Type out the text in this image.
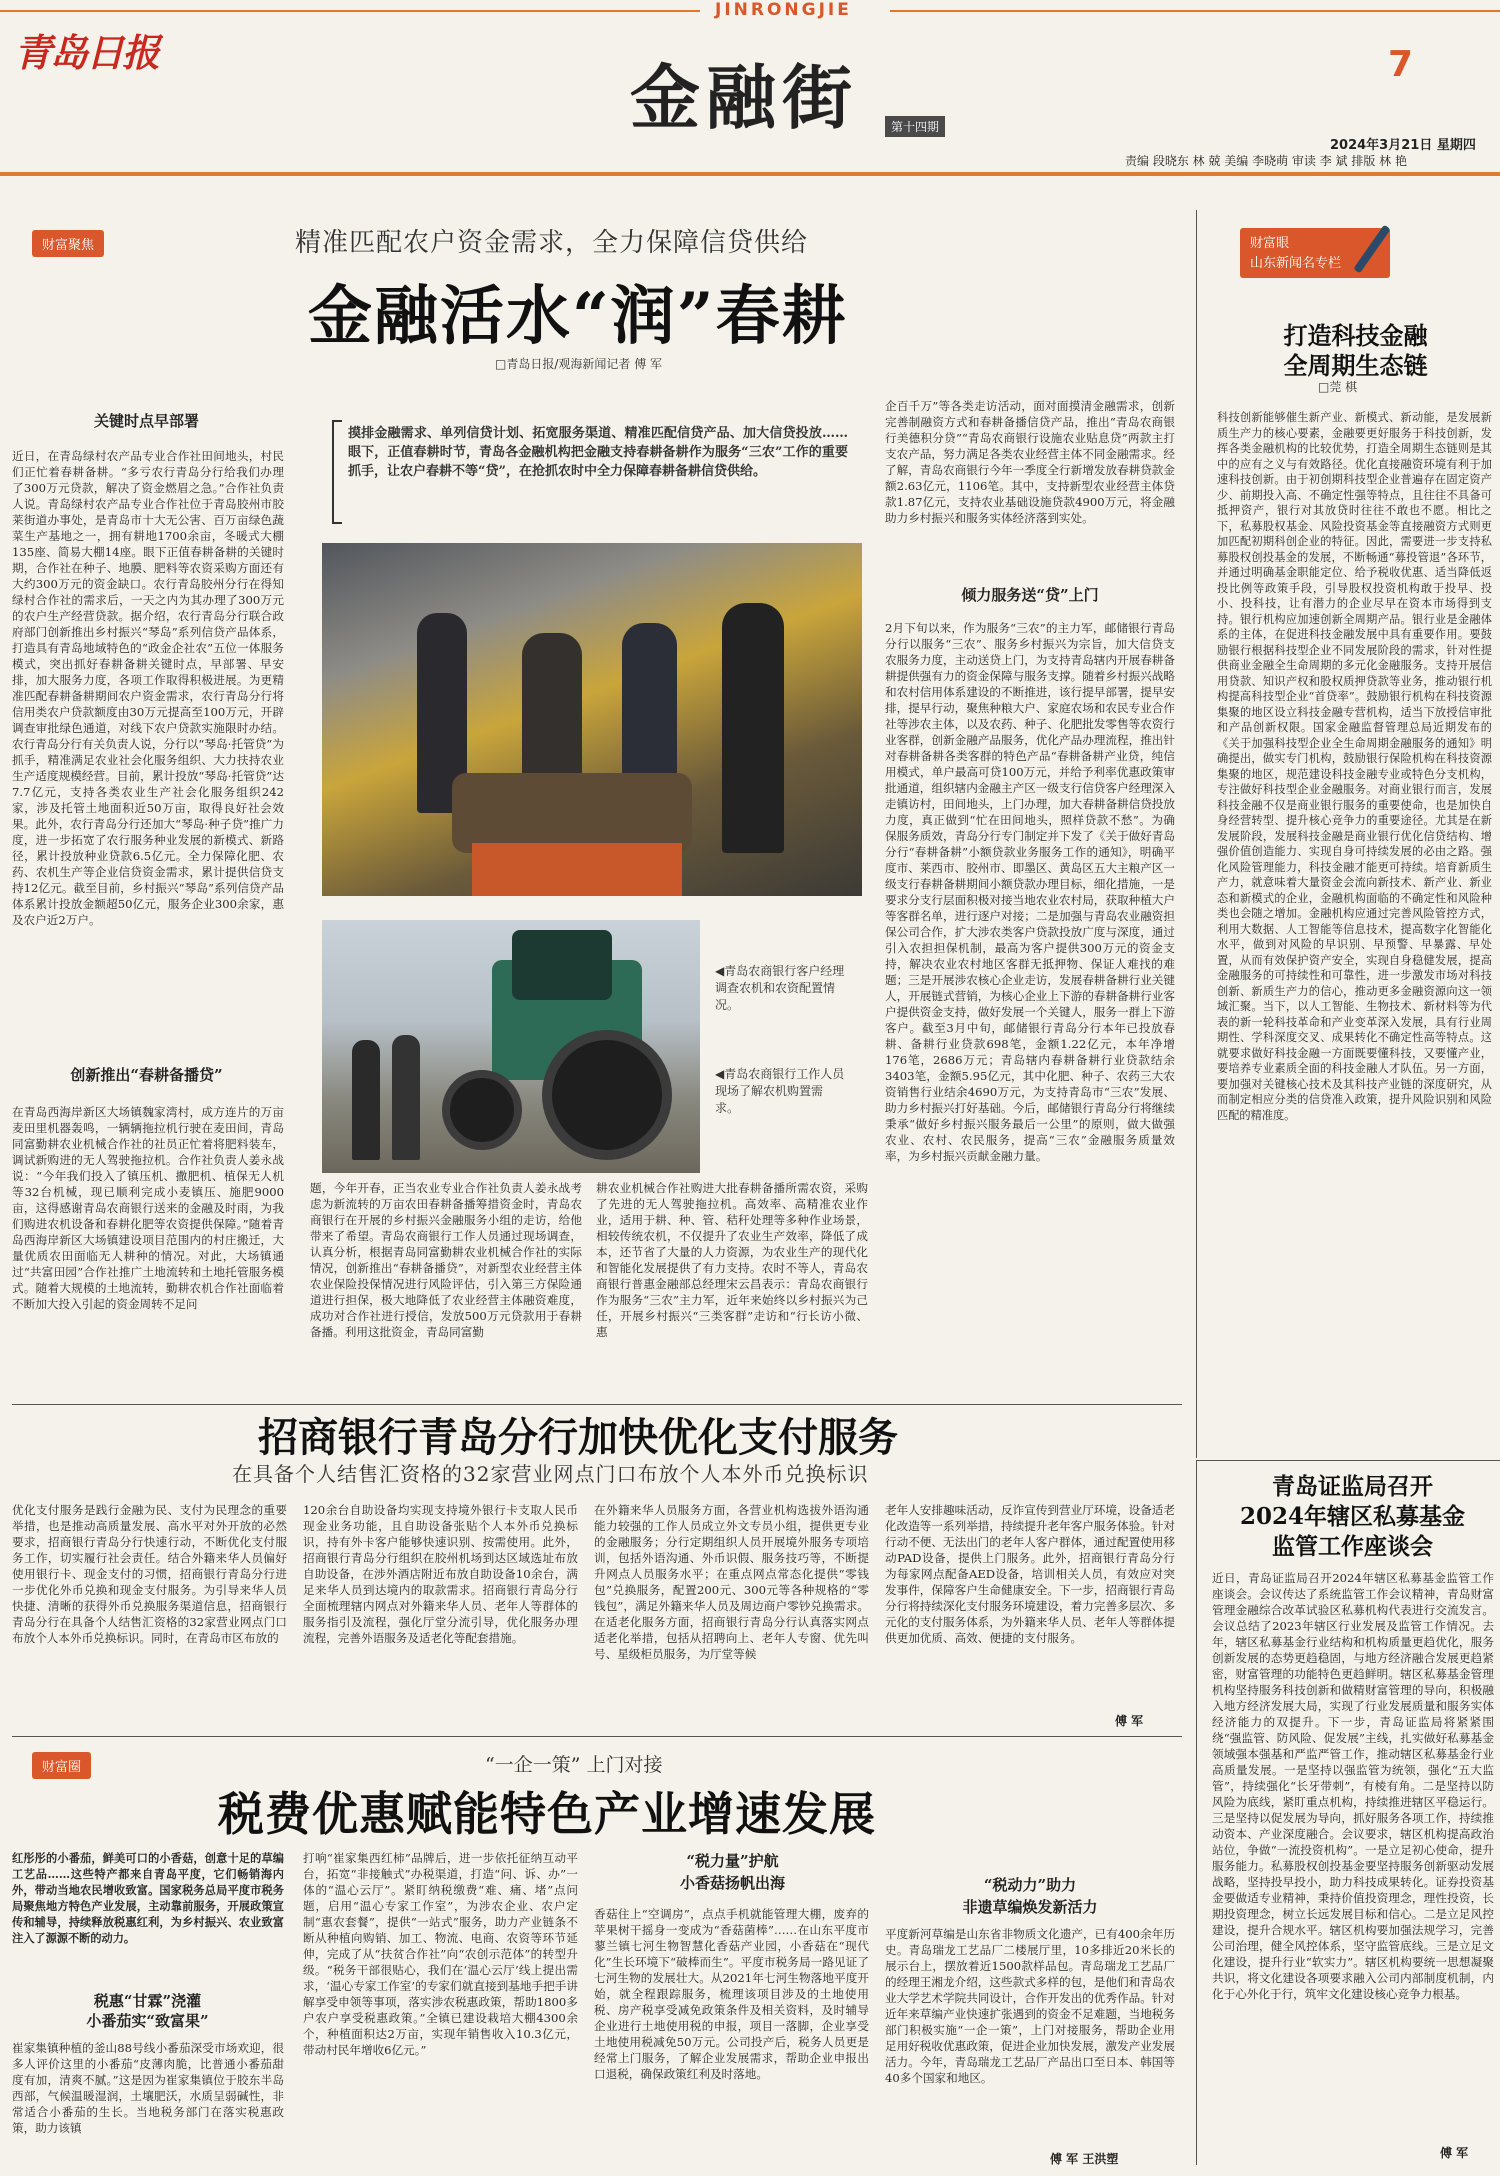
青岛日报
JINRONGJIE
金融街	第十四期
7
2024年3月21日 星期四
责编 段晓东 林 兢 美编 李晓萌 审读 李 斌 排版 林 艳
财富聚焦	精准匹配农户资金需求，全力保障信贷供给
金融活水“润”春耕
□青岛日报/观海新闻记者 傅 军
关键时点早部署
近日，在青岛绿村农产品专业合作社田间地头，村民们正忙着春耕备耕。“多亏农行青岛分行给我们办理了300万元贷款，解决了资金燃眉之急。”合作社负责人说。青岛绿村农产品专业合作社位于青岛胶州市胶莱街道办事处，是青岛市十大无公害、百万亩绿色蔬菜生产基地之一，拥有耕地1700余亩，冬暖式大棚135座、简易大棚14座。眼下正值春耕备耕的关键时期，合作社在种子、地膜、肥料等农资采购方面还有大约300万元的资金缺口。农行青岛胶州分行在得知绿村合作社的需求后，一天之内为其办理了300万元的农户生产经营贷款。据介绍，农行青岛分行联合政府部门创新推出乡村振兴“琴岛”系列信贷产品体系，打造具有青岛地域特色的“政金企社农”五位一体服务模式，突出抓好春耕备耕关键时点，早部署、早安排，加大服务力度，各项工作取得积极进展。为更精准匹配春耕备耕期间农户资金需求，农行青岛分行将信用类农户贷款额度由30万元提高至100万元，开辟调查审批绿色通道，对线下农户贷款实施限时办结。农行青岛分行有关负责人说，分行以“琴岛·托管贷”为抓手，精准满足农业社会化服务组织、大力扶持农业生产适度规模经营。目前，累计投放“琴岛·托管贷”达7.7亿元，支持各类农业生产社会化服务组织242家，涉及托管土地面积近50万亩，取得良好社会效果。此外，农行青岛分行还加大“琴岛·种子贷”推广力度，进一步拓宽了农行服务种业发展的新模式、新路径，累计投放种业贷款6.5亿元。全力保障化肥、农药、农机生产等企业信贷资金需求，累计提供信贷支持12亿元。截至目前，乡村振兴“琴岛”系列信贷产品体系累计投放金额超50亿元，服务企业300余家，惠及农户近2万户。
创新推出“春耕备播贷”
在青岛西海岸新区大场镇魏家湾村，成方连片的万亩麦田里机器轰鸣，一辆辆拖拉机行驶在麦田间，青岛同富勤耕农业机械合作社的社员正忙着将肥料装车，调试新购进的无人驾驶拖拉机。合作社负责人姜永战说：“今年我们投入了镇压机、撒肥机、植保无人机等32台机械，现已顺利完成小麦镇压、施肥9000亩，这得感谢青岛农商银行送来的金融及时雨，为我们购进农机设备和春耕化肥等农资提供保障。”随着青岛西海岸新区大场镇建设项目范围内的村庄搬迁，大量优质农田面临无人耕种的情况。对此，大场镇通过“共富田园”合作社推广土地流转和土地托管服务模式。随着大规模的土地流转，勤耕农机合作社面临着不断加大投入引起的资金周转不足问
摸排金融需求、单列信贷计划、拓宽服务渠道、精准匹配信贷产品、加大信贷投放……眼下，正值春耕时节，青岛各金融机构把金融支持春耕备耕作为服务“三农”工作的重要抓手，让农户春耕不等“贷”，在抢抓农时中全力保障春耕备耕信贷供给。
◀青岛农商银行客户经理调查农机和农资配置情况。
◀青岛农商银行工作人员现场了解农机购置需求。
题，今年开春，正当农业专业合作社负责人姜永战考虑为新流转的万亩农田春耕备播筹措资金时，青岛农商银行在开展的乡村振兴金融服务小组的走访，给他带来了希望。青岛农商银行工作人员通过现场调查，认真分析，根据青岛同富勤耕农业机械合作社的实际情况，创新推出“春耕备播贷”，对新型农业经营主体农业保险投保情况进行风险评估，引入第三方保险通道进行担保，极大地降低了农业经营主体融资难度，成功对合作社进行授信，发放500万元贷款用于春耕备播。利用这批资金，青岛同富勤
耕农业机械合作社购进大批春耕备播所需农资，采购了先进的无人驾驶拖拉机。高效率、高精准农业作业，适用于耕、种、管、秸秆处理等多种作业场景，相较传统农机，不仅提升了农业生产效率，降低了成本，还节省了大量的人力资源，为农业生产的现代化和智能化发展提供了有力支持。农时不等人，青岛农商银行普惠金融部总经理宋云昌表示：青岛农商银行作为服务“三农”主力军，近年来始终以乡村振兴为己任，开展乡村振兴“三类客群”走访和“行长访小微、惠
企百千万”等各类走访活动，面对面摸清金融需求，创新完善制融资方式和春耕备播信贷产品，推出“青岛农商银行美德积分贷”“青岛农商银行设施农业贴息贷”两款主打支农产品，努力满足各类农业经营主体不同金融需求。经了解，青岛农商银行今年一季度全行新增发放春耕贷款金额2.63亿元，1106笔。其中，支持新型农业经营主体贷款1.87亿元，支持农业基础设施贷款4900万元，将金融助力乡村振兴和服务实体经济落到实处。
倾力服务送“贷”上门
2月下旬以来，作为服务“三农”的主力军，邮储银行青岛分行以服务“三农”、服务乡村振兴为宗旨，加大信贷支农服务力度，主动送贷上门，为支持青岛辖内开展春耕备耕提供强有力的资金保障与服务支撑。随着乡村振兴战略和农村信用体系建设的不断推进，该行提早部署，提早安排，提早行动，聚焦种粮大户、家庭农场和农民专业合作社等涉农主体，以及农药、种子、化肥批发零售等农资行业客群，创新金融产品服务，优化产品办理流程，推出针对春耕备耕各类客群的特色产品“春耕备耕产业贷，纯信用模式，单户最高可贷100万元，并给予利率优惠政策审批通道，组织辖内金融主产区一级支行信贷客户经理深入走镇访村，田间地头，上门办理，加大春耕备耕信贷投放力度，真正做到“忙在田间地头，照样贷款不愁”。为确保服务质效，青岛分行专门制定并下发了《关于做好青岛分行“春耕备耕”小额贷款业务服务工作的通知》，明确平度市、莱西市、胶州市、即墨区、黄岛区五大主粮产区一级支行春耕备耕期间小额贷款办理目标，细化措施，一是要求分支行层面积极对接当地农业农村局，获取种植大户等客群名单，进行逐户对接；二是加强与青岛农业融资担保公司合作，扩大涉农类客户贷款投放广度与深度，通过引入农担担保机制，最高为客户提供300万元的资金支持，解决农业农村地区客群无抵押物、保证人难找的难题；三是开展涉农核心企业走访，发展春耕备耕行业关键人，开展链式营销，为核心企业上下游的春耕备耕行业客户提供资金支持，做好发展一个关键人，服务一群上下游客户。截至3月中旬，邮储银行青岛分行本年已投放春耕、备耕行业贷款698笔，金额1.22亿元，本年净增176笔，2686万元；青岛辖内春耕备耕行业贷款结余3403笔，金额5.95亿元，其中化肥、种子、农药三大农资销售行业结余4690万元，为支持青岛市“三农”发展、助力乡村振兴打好基础。今后，邮储银行青岛分行将继续秉承“做好乡村振兴服务最后一公里”的原则，做大做强农业、农村、农民服务，提高“三农”金融服务质量效率，为乡村振兴贡献金融力量。
财富眼
山东新闻名专栏
打造科技金融
全周期生态链
□莞 棋
科技创新能够催生新产业、新模式、新动能，是发展新质生产力的核心要素，金融要更好服务于科技创新，发挥各类金融机构的比较优势，打造全周期生态链则是其中的应有之义与有效路径。优化直接融资环境有利于加速科技创新。由于初创期科技型企业普遍存在固定资产少、前期投入高、不确定性强等特点，且往往不具备可抵押资产，银行对其放贷时往往不敢也不愿。相比之下，私募股权基金、风险投资基金等直接融资方式则更加匹配初期科创企业的特征。因此，需要进一步支持私募股权创投基金的发展，不断畅通“募投管退”各环节，并通过明确基金职能定位、给予税收优惠、适当降低返投比例等政策手段，引导股权投资机构敢于投早、投小、投科技，让有潜力的企业尽早在资本市场得到支持。银行机构应加速创新全周期产品。银行业是金融体系的主体，在促进科技金融发展中具有重要作用。要鼓励银行根据科技型企业不同发展阶段的需求，针对性提供商业金融全生命周期的多元化金融服务。支持开展信用贷款、知识产权和股权质押贷款等业务，推动银行机构提高科技型企业“首贷率”。鼓励银行机构在科技资源集聚的地区设立科技金融专营机构，适当下放授信审批和产品创新权限。国家金融监督管理总局近期发布的《关于加强科技型企业全生命周期金融服务的通知》明确提出，做实专门机构，鼓励银行保险机构在科技资源集聚的地区，规范建设科技金融专业或特色分支机构，专注做好科技型企业金融服务。对商业银行而言，发展科技金融不仅是商业银行服务的重要使命，也是加快自身经营转型、提升核心竞争力的重要途径。尤其是在新发展阶段，发展科技金融是商业银行优化信贷结构、增强价值创造能力、实现自身可持续发展的必由之路。强化风险管理能力，科技金融才能更可持续。培育新质生产力，就意味着大量资金会流向新技术、新产业、新业态和新模式的企业，金融机构面临的不确定性和风险种类也会随之增加。金融机构应通过完善风险管控方式，利用大数据、人工智能等信息技术，提高数字化智能化水平，做到对风险的早识别、早预警、早暴露、早处置，从而有效保护资产安全，实现自身稳健发展，提高金融服务的可持续性和可靠性，进一步激发市场对科技创新、新质生产力的信心，推动更多金融资源向这一领域汇聚。当下，以人工智能、生物技术、新材料等为代表的新一轮科技革命和产业变革深入发展，具有行业周期性、学科深度交叉、成果转化不确定性高等特点。这就要求做好科技金融一方面既要懂科技，又要懂产业，要培养专业素质全面的科技金融人才队伍。另一方面，要加强对关键核心技术及其科技产业链的深度研究，从而制定相应分类的信贷准入政策，提升风险识别和风险匹配的精准度。
招商银行青岛分行加快优化支付服务
在具备个人结售汇资格的32家营业网点门口布放个人本外币兑换标识
优化支付服务是践行金融为民、支付为民理念的重要举措，也是推动高质量发展、高水平对外开放的必然要求，招商银行青岛分行快速行动，不断优化支付服务工作，切实履行社会责任。结合外籍来华人员偏好使用银行卡、现金支付的习惯，招商银行青岛分行进一步优化外币兑换和现金支付服务。为引导来华人员快捷、清晰的获得外币兑换服务渠道信息，招商银行青岛分行在具备个人结售汇资格的32家营业网点门口布放个人本外币兑换标识。同时，在青岛市区布放的
120余台自助设备均实现支持境外银行卡支取人民币现金业务功能，且自助设备张贴个人本外币兑换标识，持有外卡客户能够快速识别、按需使用。此外，招商银行青岛分行组织在胶州机场到达区域选址布放自助设备，在涉外酒店附近布放自助设备10余台，满足来华人员到达境内的取款需求。招商银行青岛分行全面梳理辖内网点对外籍来华人员、老年人等群体的服务指引及流程，强化厅堂分流引导，优化服务办理流程，完善外语服务及适老化等配套措施。
在外籍来华人员服务方面，各营业机构选拔外语沟通能力较强的工作人员成立外文专员小组，提供更专业的金融服务；分行定期组织人员开展境外服务专项培训，包括外语沟通、外币识假、服务技巧等，不断提升网点人员服务水平；在重点网点常态化提供“零钱包”兑换服务，配置200元、300元等各种规格的“零钱包”，满足外籍来华人员及周边商户零钞兑换需求。在适老化服务方面，招商银行青岛分行认真落实网点适老化举措，包括从招聘向上、老年人专窗、优先叫号、星级柜员服务，为厅堂等候
老年人安排趣味活动，反诈宣传到营业厅环境，设备适老化改造等一系列举措，持续提升老年客户服务体验。针对行动不便、无法出门的老年人客户群体，通过配置使用移动PAD设备，提供上门服务。此外，招商银行青岛分行为每家网点配备AED设备，培训相关人员，有效应对突发事件，保障客户生命健康安全。下一步，招商银行青岛分行将持续深化支付服务环境建设，着力完善多层次、多元化的支付服务体系，为外籍来华人员、老年人等群体提供更加优质、高效、便捷的支付服务。
傅 军
青岛证监局召开
2024年辖区私募基金
监管工作座谈会
近日，青岛证监局召开2024年辖区私募基金监管工作座谈会。会议传达了系统监管工作会议精神，青岛财富管理金融综合改革试验区私募机构代表进行交流发言。会议总结了2023年辖区行业发展及监管工作情况。去年，辖区私募基金行业结构和机构质量更趋优化，服务创新发展的态势更趋稳固，与地方经济融合发展更趋紧密，财富管理的功能特色更趋鲜明。辖区私募基金管理机构坚持服务科技创新和做精财富管理的导向，积极融入地方经济发展大局，实现了行业发展质量和服务实体经济能力的双提升。下一步，青岛证监局将紧紧围绕“强监管、防风险、促发展”主线，扎实做好私募基金领域强本强基和严监严管工作，推动辖区私募基金行业高质量发展。一是坚持以强监管为统领，强化“五大监管”，持续强化“长牙带刺”，有棱有角。二是坚持以防风险为底线，紧盯重点机构，持续推进辖区平稳运行。三是坚持以促发展为导向，抓好服务各项工作，持续推动资本、产业深度融合。会议要求，辖区机构提高政治站位，争做“一流投资机构”。一是立足初心使命，提升服务能力。私募股权创投基金要坚持服务创新驱动发展战略，坚持投早投小，助力科技成果转化。证券投资基金要做适专业精神，秉持价值投资理念，理性投资，长期投资理念，树立长远发展目标和信心。二是立足风控建设，提升合规水平。辖区机构要加强法规学习，完善公司治理，健全风控体系，坚守监管底线。三是立足文化建设，提升行业“软实力”。辖区机构要统一思想凝聚共识，将文化建设各项要求融入公司内部制度机制，内化于心外化于行，筑牢文化建设核心竞争力根基。
傅 军
财富圈	“一企一策” 上门对接
税费优惠赋能特色产业增速发展
红彤彤的小番茄，鲜美可口的小香菇，创意十足的草编工艺品……这些特产都来自青岛平度，它们畅销海内外，带动当地农民增收致富。国家税务总局平度市税务局聚焦地方特色产业发展，主动靠前服务，开展政策宣传和辅导，持续释放税惠红利，为乡村振兴、农业致富注入了源源不断的动力。
税惠“甘霖”浇灌
小番茄实“致富果”
崔家集镇种植的釜山88号线小番茄深受市场欢迎，很多人评价这里的小番茄“皮薄肉脆，比普通小番茄甜度有加，清爽不腻。”这是因为崔家集镇位于胶东半岛西部，气候温暖湿润，土壤肥沃，水质呈弱碱性，非常适合小番茄的生长。当地税务部门在落实税惠政策，助力该镇
打响“崔家集西红柿”品牌后，进一步依托征纳互动平台，拓宽“非接触式”办税渠道，打造“问、诉、办”一体的“温心云厅”。紧盯纳税缴费“难、痛、堵”点问题，启用“温心专家工作室”，为涉农企业、农户定制“惠农套餐”，提供“一站式”服务，助力产业链条不断从种植向购销、加工、物流、电商、农资等环节延伸，完成了从“扶贫合作社”向“农创示范体”的转型升级。“税务干部很贴心，我们在‘温心云厅’线上提出需求，‘温心专家工作室’的专家们就直接到基地手把手讲解享受申领等事项，落实涉农税惠政策，帮助1800多户农户享受税惠政策。”全镇已建设栽培大棚4300余个，种植面积达2万亩，实现年销售收入10.3亿元，带动村民年增收6亿元。”
“税力量”护航
小香菇扬帆出海
香菇住上“空调房”，点点手机就能管理大棚，废弃的苹果树干摇身一变成为“香菇菌棒”……在山东平度市蓼兰镇七河生物智慧化香菇产业园，小香菇在“现代化”生长环境下“破棒而生”。平度市税务局一路见证了七河生物的发展壮大。从2021年七河生物落地平度开始，就全程跟踪服务，梳理该项目涉及的土地使用税、房产税享受减免政策条件及相关资料，及时辅导企业进行土地使用税的申报，项目一落脚，企业享受土地使用税减免50万元。公司投产后，税务人员更是经常上门服务，了解企业发展需求，帮助企业申报出口退税，确保政策红利及时落地。
“税动力”助力
非遗草编焕发新活力
平度新河草编是山东省非物质文化遗产，已有400余年历史。青岛瑞龙工艺品厂二楼展厅里，10多排近20米长的展示台上，摆放着近1500款样品包。青岛瑞龙工艺品厂的经理王湘龙介绍，这些款式多样的包，是他们和青岛农业大学艺术学院共同设计，合作开发出的优秀作品。针对近年来草编产业快速扩张遇到的资金不足难题，当地税务部门积极实施“一企一策”，上门对接服务，帮助企业用足用好税收优惠政策，促进企业加快发展，激发产业发展活力。今年，青岛瑞龙工艺品厂产品出口至日本、韩国等40多个国家和地区。
傅 军 王洪塑
